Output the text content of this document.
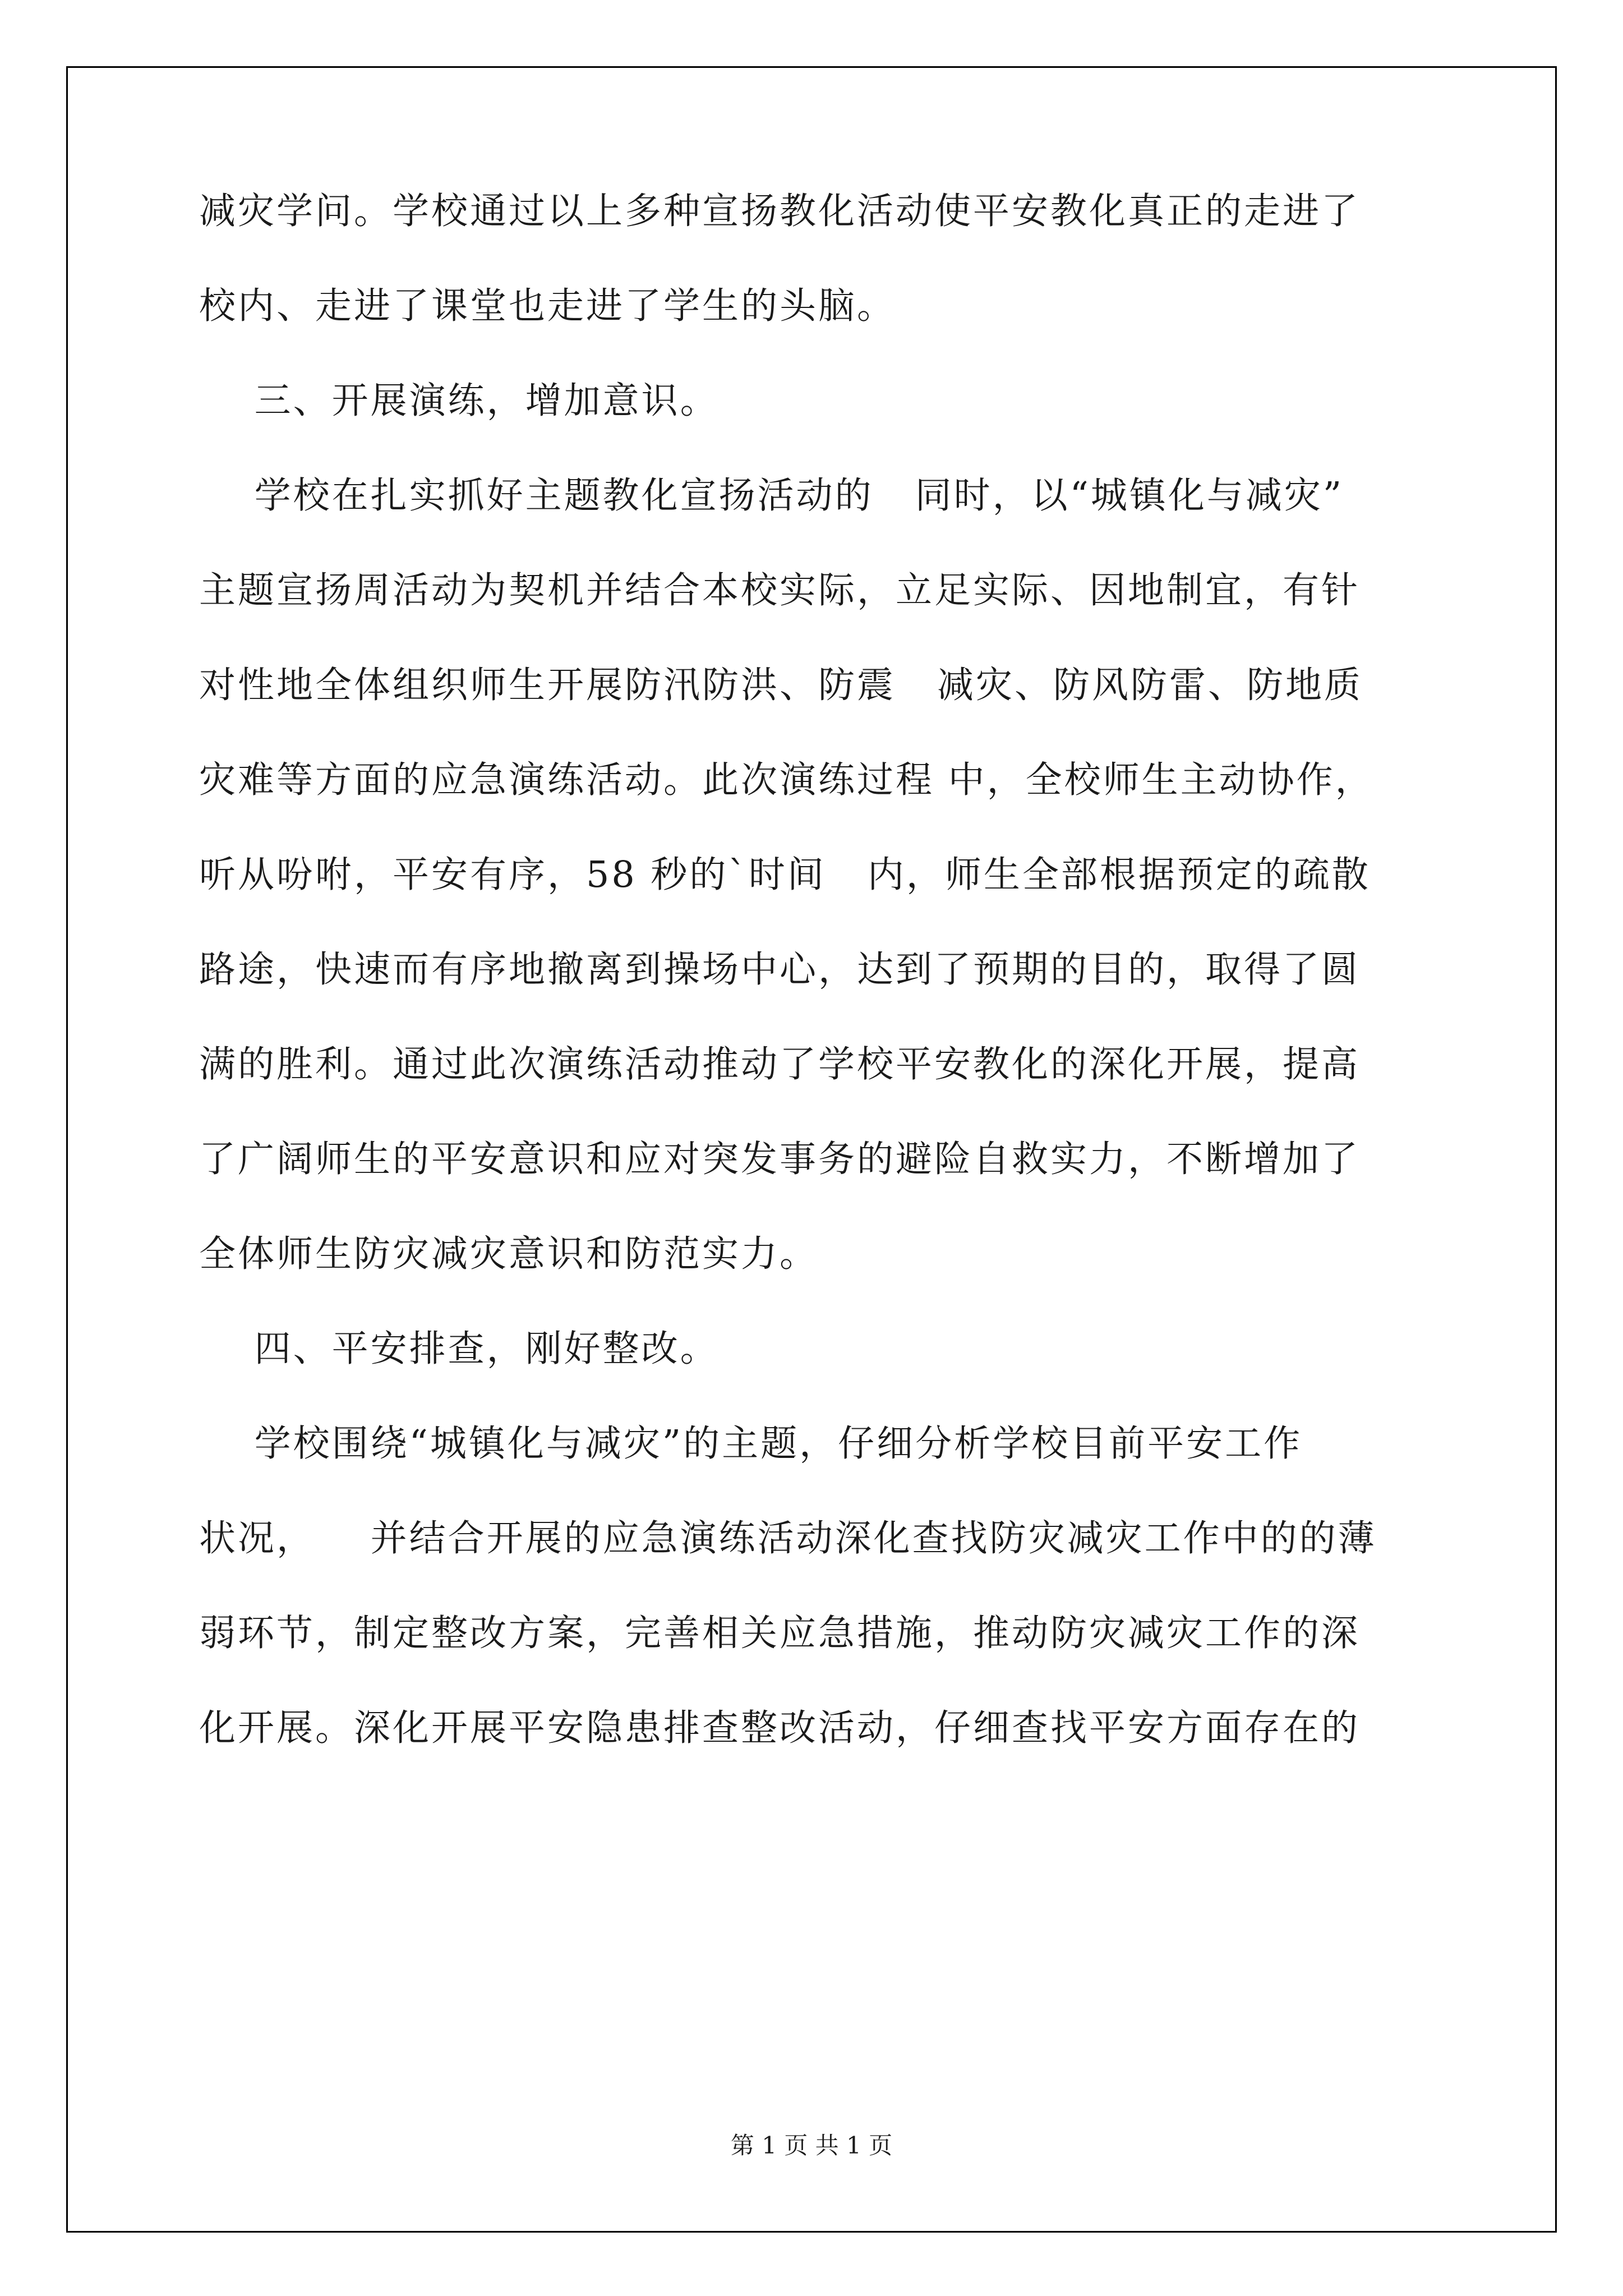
减灾学问。学校通过以上多种宣扬教化活动使平安教化真正的走进了
校内、走进了课堂也走进了学生的头脑。
三、开展演练，增加意识。
学校在扎实抓好主题教化宣扬活动的   同时，以“城镇化与减灾”
主题宣扬周活动为契机并结合本校实际，立足实际、因地制宜，有针
对性地全体组织师生开展防汛防洪、防震   减灾、防风防雷、防地质
灾难等方面的应急演练活动。此次演练过程 中，全校师生主动协作，
听从吩咐，平安有序，58 秒的`时间   内，师生全部根据预定的疏散
路途，快速而有序地撤离到操场中心，达到了预期的目的，取得了圆
满的胜利。通过此次演练活动推动了学校平安教化的深化开展，提高
了广阔师生的平安意识和应对突发事务的避险自救实力，不断增加了
全体师生防灾减灾意识和防范实力。
四、平安排查，刚好整改。
学校围绕“城镇化与减灾”的主题，仔细分析学校目前平安工作
状况，    并结合开展的应急演练活动深化查找防灾减灾工作中的的薄
弱环节，制定整改方案，完善相关应急措施，推动防灾减灾工作的深
化开展。深化开展平安隐患排查整改活动，仔细查找平安方面存在的
第 1 页 共 1 页
